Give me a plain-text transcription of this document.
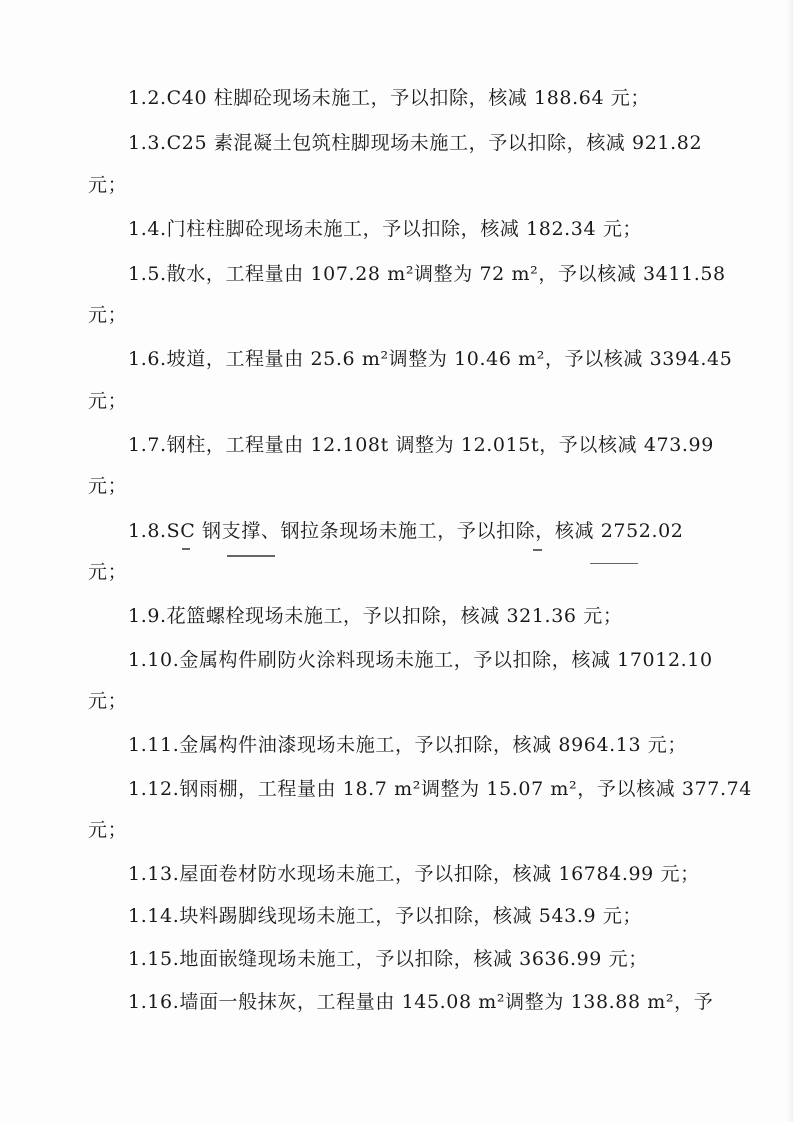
1.2.C40 柱脚砼现场未施工，予以扣除，核减 188.64 元；
1.3.C25 素混凝土包筑柱脚现场未施工，予以扣除，核减 921.82
元；
1.4.门柱柱脚砼现场未施工，予以扣除，核减 182.34 元；
1.5.散水，工程量由 107.28 m²调整为 72 m²，予以核减 3411.58
元；
1.6.坡道，工程量由 25.6 m²调整为 10.46 m²，予以核减 3394.45
元；
1.7.钢柱，工程量由 12.108t 调整为 12.015t，予以核减 473.99
元；
1.8.SC 钢支撑、钢拉条现场未施工，予以扣除，核减 2752.02
元；
1.9.花篮螺栓现场未施工，予以扣除，核减 321.36 元；
1.10.金属构件刷防火涂料现场未施工，予以扣除，核减 17012.10
元；
1.11.金属构件油漆现场未施工，予以扣除，核减 8964.13 元；
1.12.钢雨棚，工程量由 18.7 m²调整为 15.07 m²，予以核减 377.74
元；
1.13.屋面卷材防水现场未施工，予以扣除，核减 16784.99 元；
1.14.块料踢脚线现场未施工，予以扣除，核减 543.9 元；
1.15.地面嵌缝现场未施工，予以扣除，核减 3636.99 元；
1.16.墙面一般抹灰，工程量由 145.08 m²调整为 138.88 m²，予
